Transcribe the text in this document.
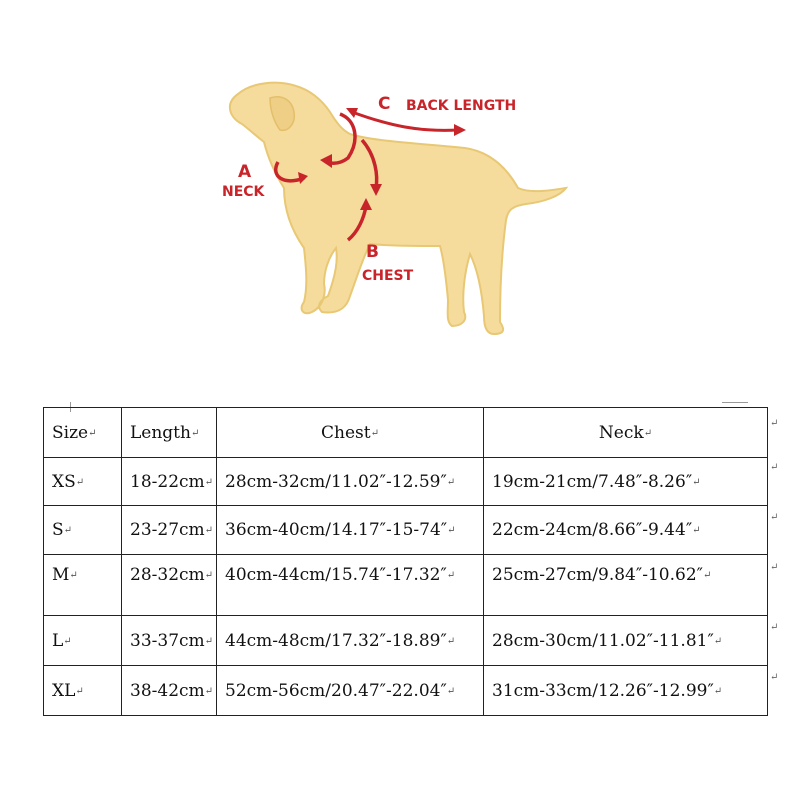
C BACK LENGTH
A
NECK
B
CHEST
Size↵	Length↵	Chest↵	Neck↵
XS↵	18-22cm↵	28cm-32cm/11.02″-12.59″↵	19cm-21cm/7.48″-8.26″↵
S↵	23-27cm↵	36cm-40cm/14.17″-15-74″↵	22cm-24cm/8.66″-9.44″↵
M↵	28-32cm↵	40cm-44cm/15.74″-17.32″↵	25cm-27cm/9.84″-10.62″↵
L↵	33-37cm↵	44cm-48cm/17.32″-18.89″↵	28cm-30cm/11.02″-11.81″↵
XL↵	38-42cm↵	52cm-56cm/20.47″-22.04″↵	31cm-33cm/12.26″-12.99″↵
↵
↵
↵
↵
↵
↵
